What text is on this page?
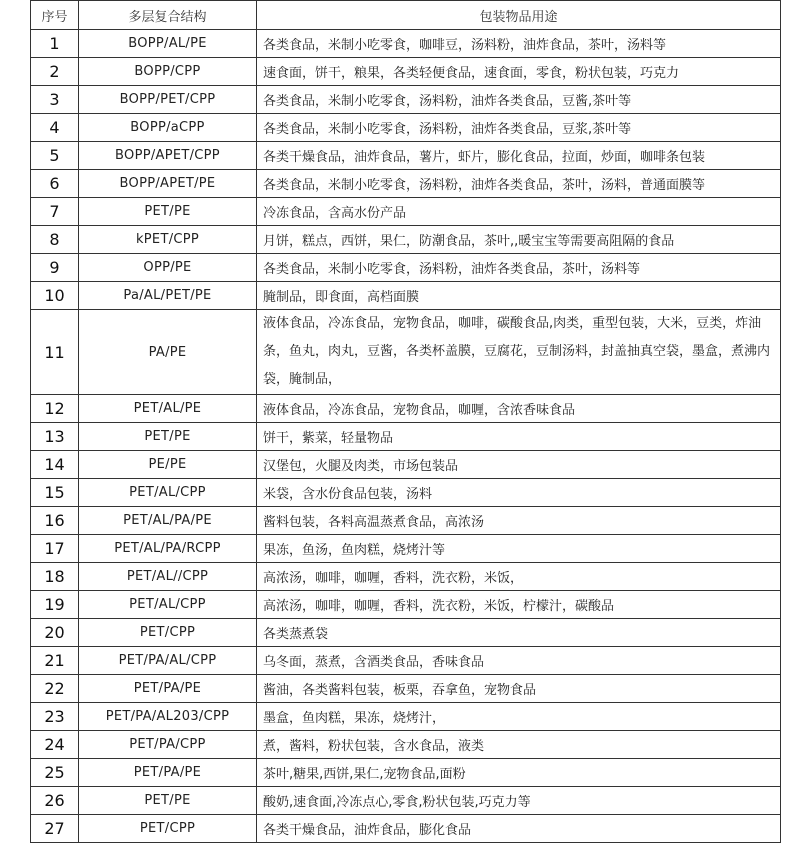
序号	多层复合结构	包装物品用途
1	BOPP/AL/PE	各类食品，米制小吃零食，咖啡豆，汤料粉，油炸食品，茶叶，汤料等
2	BOPP/CPP	速食面，饼干，粮果，各类轻便食品，速食面，零食，粉状包装，巧克力
3	BOPP/PET/CPP	各类食品，米制小吃零食，汤料粉，油炸各类食品，豆酱,茶叶等
4	BOPP/aCPP	各类食品，米制小吃零食，汤料粉，油炸各类食品，豆浆,茶叶等
5	BOPP/APET/CPP	各类干燥食品，油炸食品，薯片，虾片，膨化食品，拉面，炒面，咖啡条包装
6	BOPP/APET/PE	各类食品，米制小吃零食，汤料粉，油炸各类食品，茶叶，汤料，普通面膜等
7	PET/PE	冷冻食品，含高水份产品
8	kPET/CPP	月饼，糕点，西饼，果仁，防潮食品，茶叶,,暖宝宝等需要高阻隔的食品
9	OPP/PE	各类食品，米制小吃零食，汤料粉，油炸各类食品，茶叶，汤料等
10	Pa/AL/PET/PE	腌制品，即食面，高档面膜
11	PA/PE	液体食品，冷冻食品，宠物食品，咖啡，碳酸食品,肉类，重型包装，大米，豆类，炸油条，鱼丸，肉丸，豆酱，各类杯盖膜，豆腐花，豆制汤料，封盖抽真空袋，墨盒，煮沸内袋，腌制品，
12	PET/AL/PE	液体食品，冷冻食品，宠物食品，咖喱，含浓香味食品
13	PET/PE	饼干，紫菜，轻量物品
14	PE/PE	汉堡包，火腿及肉类，市场包装品
15	PET/AL/CPP	米袋，含水份食品包装，汤料
16	PET/AL/PA/PE	酱料包装，各料高温蒸煮食品，高浓汤
17	PET/AL/PA/RCPP	果冻，鱼汤，鱼肉糕，烧烤汁等
18	PET/AL//CPP	高浓汤，咖啡，咖喱，香料，洗衣粉，米饭，
19	PET/AL/CPP	高浓汤，咖啡，咖喱，香料，洗衣粉，米饭，柠檬汁，碳酸品
20	PET/CPP	各类蒸煮袋
21	PET/PA/AL/CPP	乌冬面，蒸煮，含酒类食品，香味食品
22	PET/PA/PE	酱油，各类酱料包装，板栗，吞拿鱼，宠物食品
23	PET/PA/AL203/CPP	墨盒，鱼肉糕，果冻，烧烤汁，
24	PET/PA/CPP	煮，酱料，粉状包装，含水食品，液类
25	PET/PA/PE	茶叶,糖果,西饼,果仁,宠物食品,面粉
26	PET/PE	酸奶,速食面,冷冻点心,零食,粉状包装,巧克力等
27	PET/CPP	各类干燥食品，油炸食品，膨化食品
